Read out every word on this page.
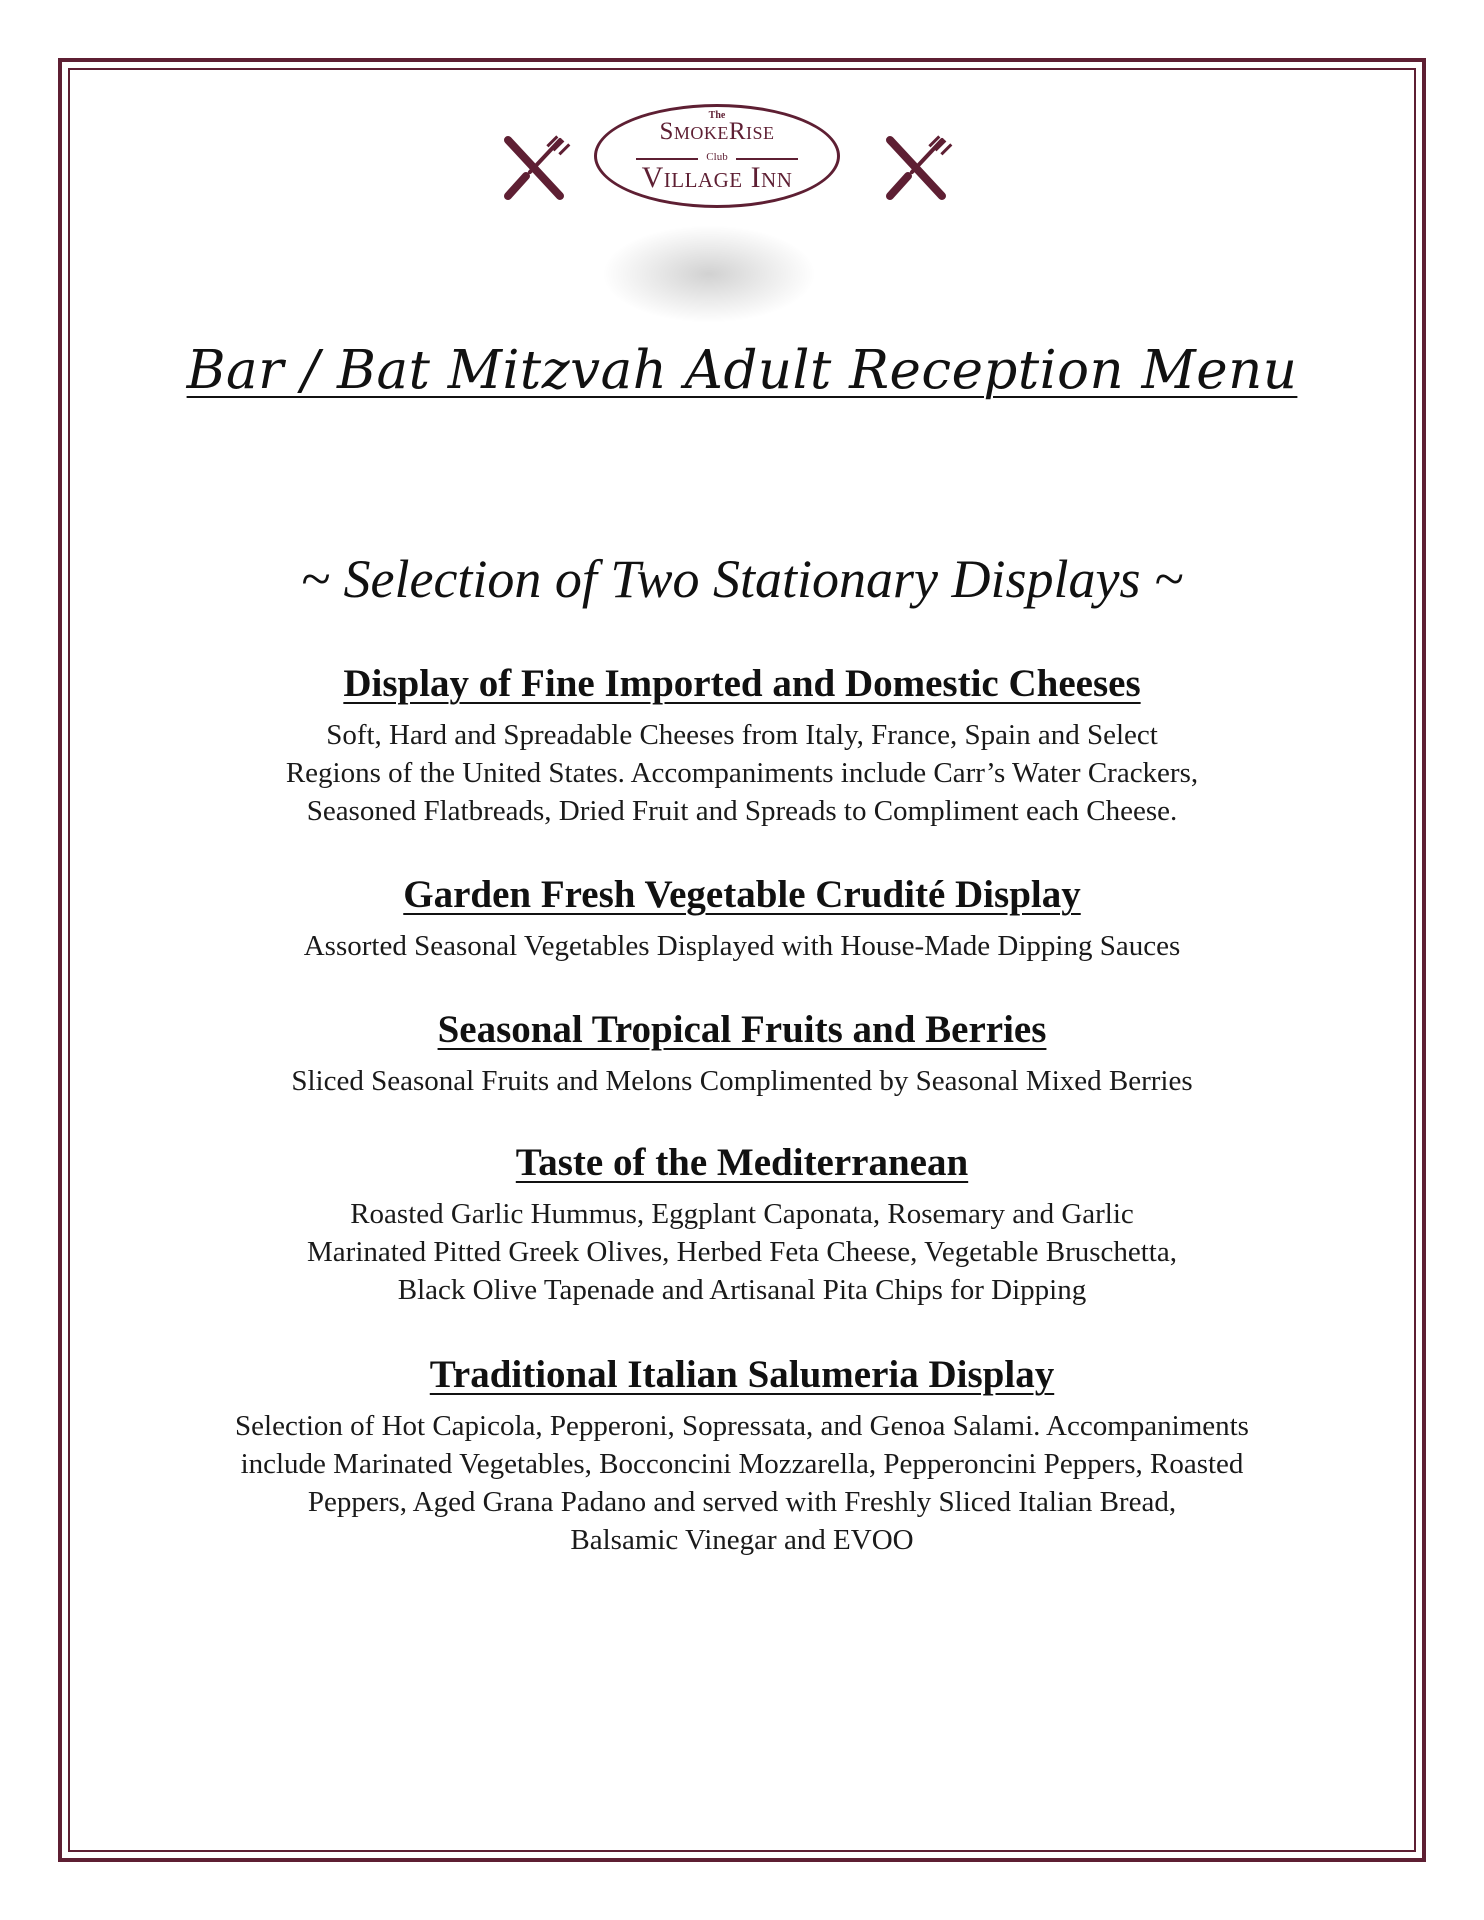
The
SmokeRise
Club
Village Inn
Bar / Bat Mitzvah Adult Reception Menu
~ Selection of Two Stationary Displays ~
Display of Fine Imported and Domestic Cheeses

Soft, Hard and Spreadable Cheeses from Italy, France, Spain and Select
Regions of the United States. Accompaniments include Carr’s Water Crackers,
Seasoned Flatbreads, Dried Fruit and Spreads to Compliment each Cheese.

Garden Fresh Vegetable Crudité Display

Assorted Seasonal Vegetables Displayed with House-Made Dipping Sauces

Seasonal Tropical Fruits and Berries

Sliced Seasonal Fruits and Melons Complimented by Seasonal Mixed Berries

Taste of the Mediterranean

Roasted Garlic Hummus, Eggplant Caponata, Rosemary and Garlic
Marinated Pitted Greek Olives, Herbed Feta Cheese, Vegetable Bruschetta,
Black Olive Tapenade and Artisanal Pita Chips for Dipping

Traditional Italian Salumeria Display

Selection of Hot Capicola, Pepperoni, Sopressata, and Genoa Salami. Accompaniments
include Marinated Vegetables, Bocconcini Mozzarella, Pepperoncini Peppers, Roasted
Peppers, Aged Grana Padano and served with Freshly Sliced Italian Bread,
Balsamic Vinegar and EVOO
